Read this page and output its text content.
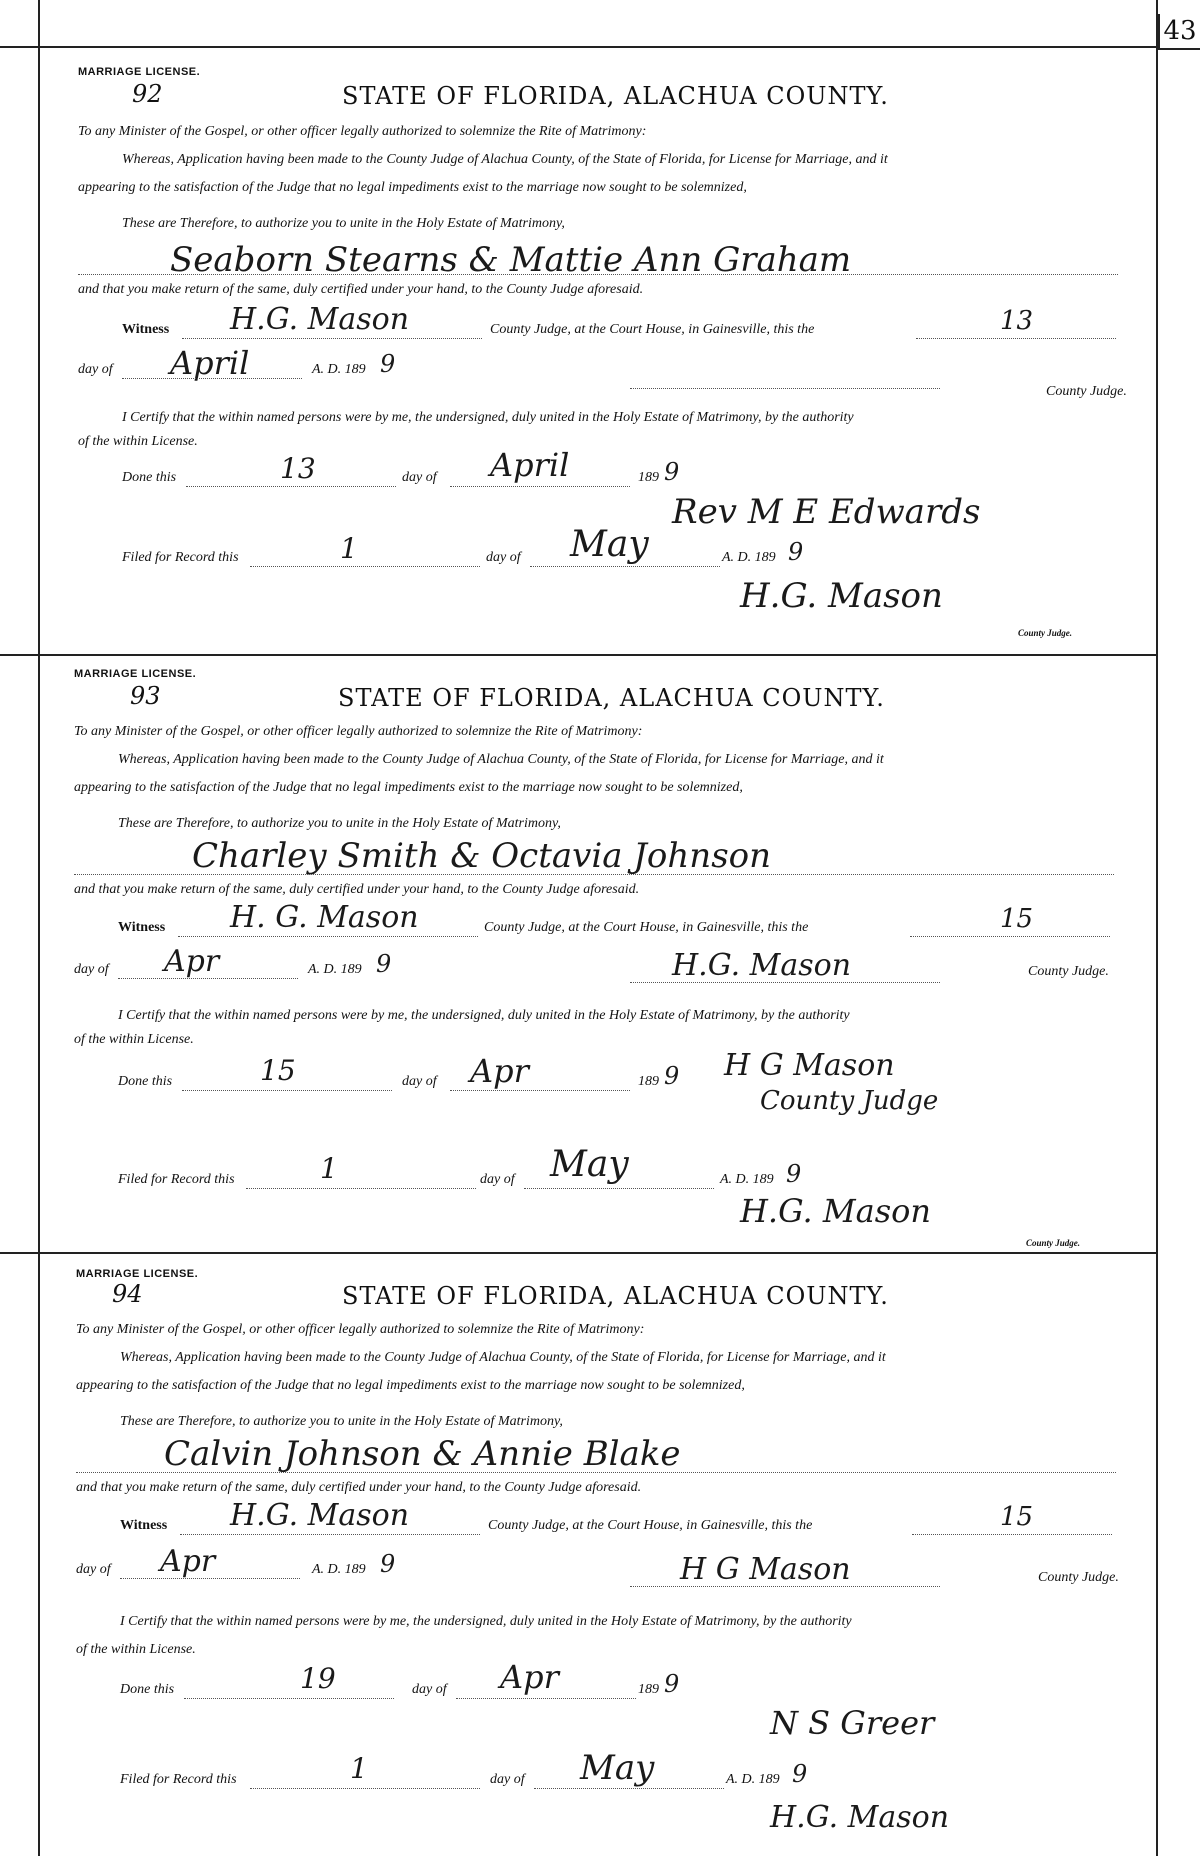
43
MARRIAGE LICENSE.
92	STATE OF FLORIDA, ALACHUA COUNTY.
To any Minister of the Gospel, or other officer legally authorized to solemnize the Rite of Matrimony:
Whereas, Application having been made to the County Judge of Alachua County, of the State of Florida, for License for Marriage, and it
appearing to the satisfaction of the Judge that no legal impediments exist to the marriage now sought to be solemnized,
These are Therefore, to authorize you to unite in the Holy Estate of Matrimony,
Seaborn Stearns & Mattie Ann Graham
and that you make return of the same, duly certified under your hand, to the County Judge aforesaid.
Witness H.G. Mason	County Judge, at the Court House, in Gainesville, this the	13
day of April	A. D. 189 9
County Judge.
I Certify that the within named persons were by me, the undersigned, duly united in the Holy Estate of Matrimony, by the authority
of the within License.
Done this	13	day of April	189 9
Rev M E Edwards
Filed for Record this	1	day of May	A. D. 189 9
H.G. Mason
County Judge.
MARRIAGE LICENSE.
93	STATE OF FLORIDA, ALACHUA COUNTY.
To any Minister of the Gospel, or other officer legally authorized to solemnize the Rite of Matrimony:
Whereas, Application having been made to the County Judge of Alachua County, of the State of Florida, for License for Marriage, and it
appearing to the satisfaction of the Judge that no legal impediments exist to the marriage now sought to be solemnized,
These are Therefore, to authorize you to unite in the Holy Estate of Matrimony,
Charley Smith & Octavia Johnson
and that you make return of the same, duly certified under your hand, to the County Judge aforesaid.
Witness H. G. Mason	County Judge, at the Court House, in Gainesville, this the	15
day of Apr	A. D. 189 9	H.G. Mason	County Judge.
I Certify that the within named persons were by me, the undersigned, duly united in the Holy Estate of Matrimony, by the authority
of the within License.
Done this	15	day of Apr	189 9 H G Mason
County Judge
Filed for Record this	1	day of May	A. D. 189 9
H.G. Mason
County Judge.
MARRIAGE LICENSE.
94	STATE OF FLORIDA, ALACHUA COUNTY.
To any Minister of the Gospel, or other officer legally authorized to solemnize the Rite of Matrimony:
Whereas, Application having been made to the County Judge of Alachua County, of the State of Florida, for License for Marriage, and it
appearing to the satisfaction of the Judge that no legal impediments exist to the marriage now sought to be solemnized,
These are Therefore, to authorize you to unite in the Holy Estate of Matrimony,
Calvin Johnson & Annie Blake
and that you make return of the same, duly certified under your hand, to the County Judge aforesaid.
Witness H.G. Mason	County Judge, at the Court House, in Gainesville, this the	15
day of Apr	A. D. 189 9	H G Mason	County Judge.
I Certify that the within named persons were by me, the undersigned, duly united in the Holy Estate of Matrimony, by the authority
of the within License.
Done this	19	day of Apr	189 9
N S Greer
Filed for Record this	1	day of May	A. D. 189 9
H.G. Mason
